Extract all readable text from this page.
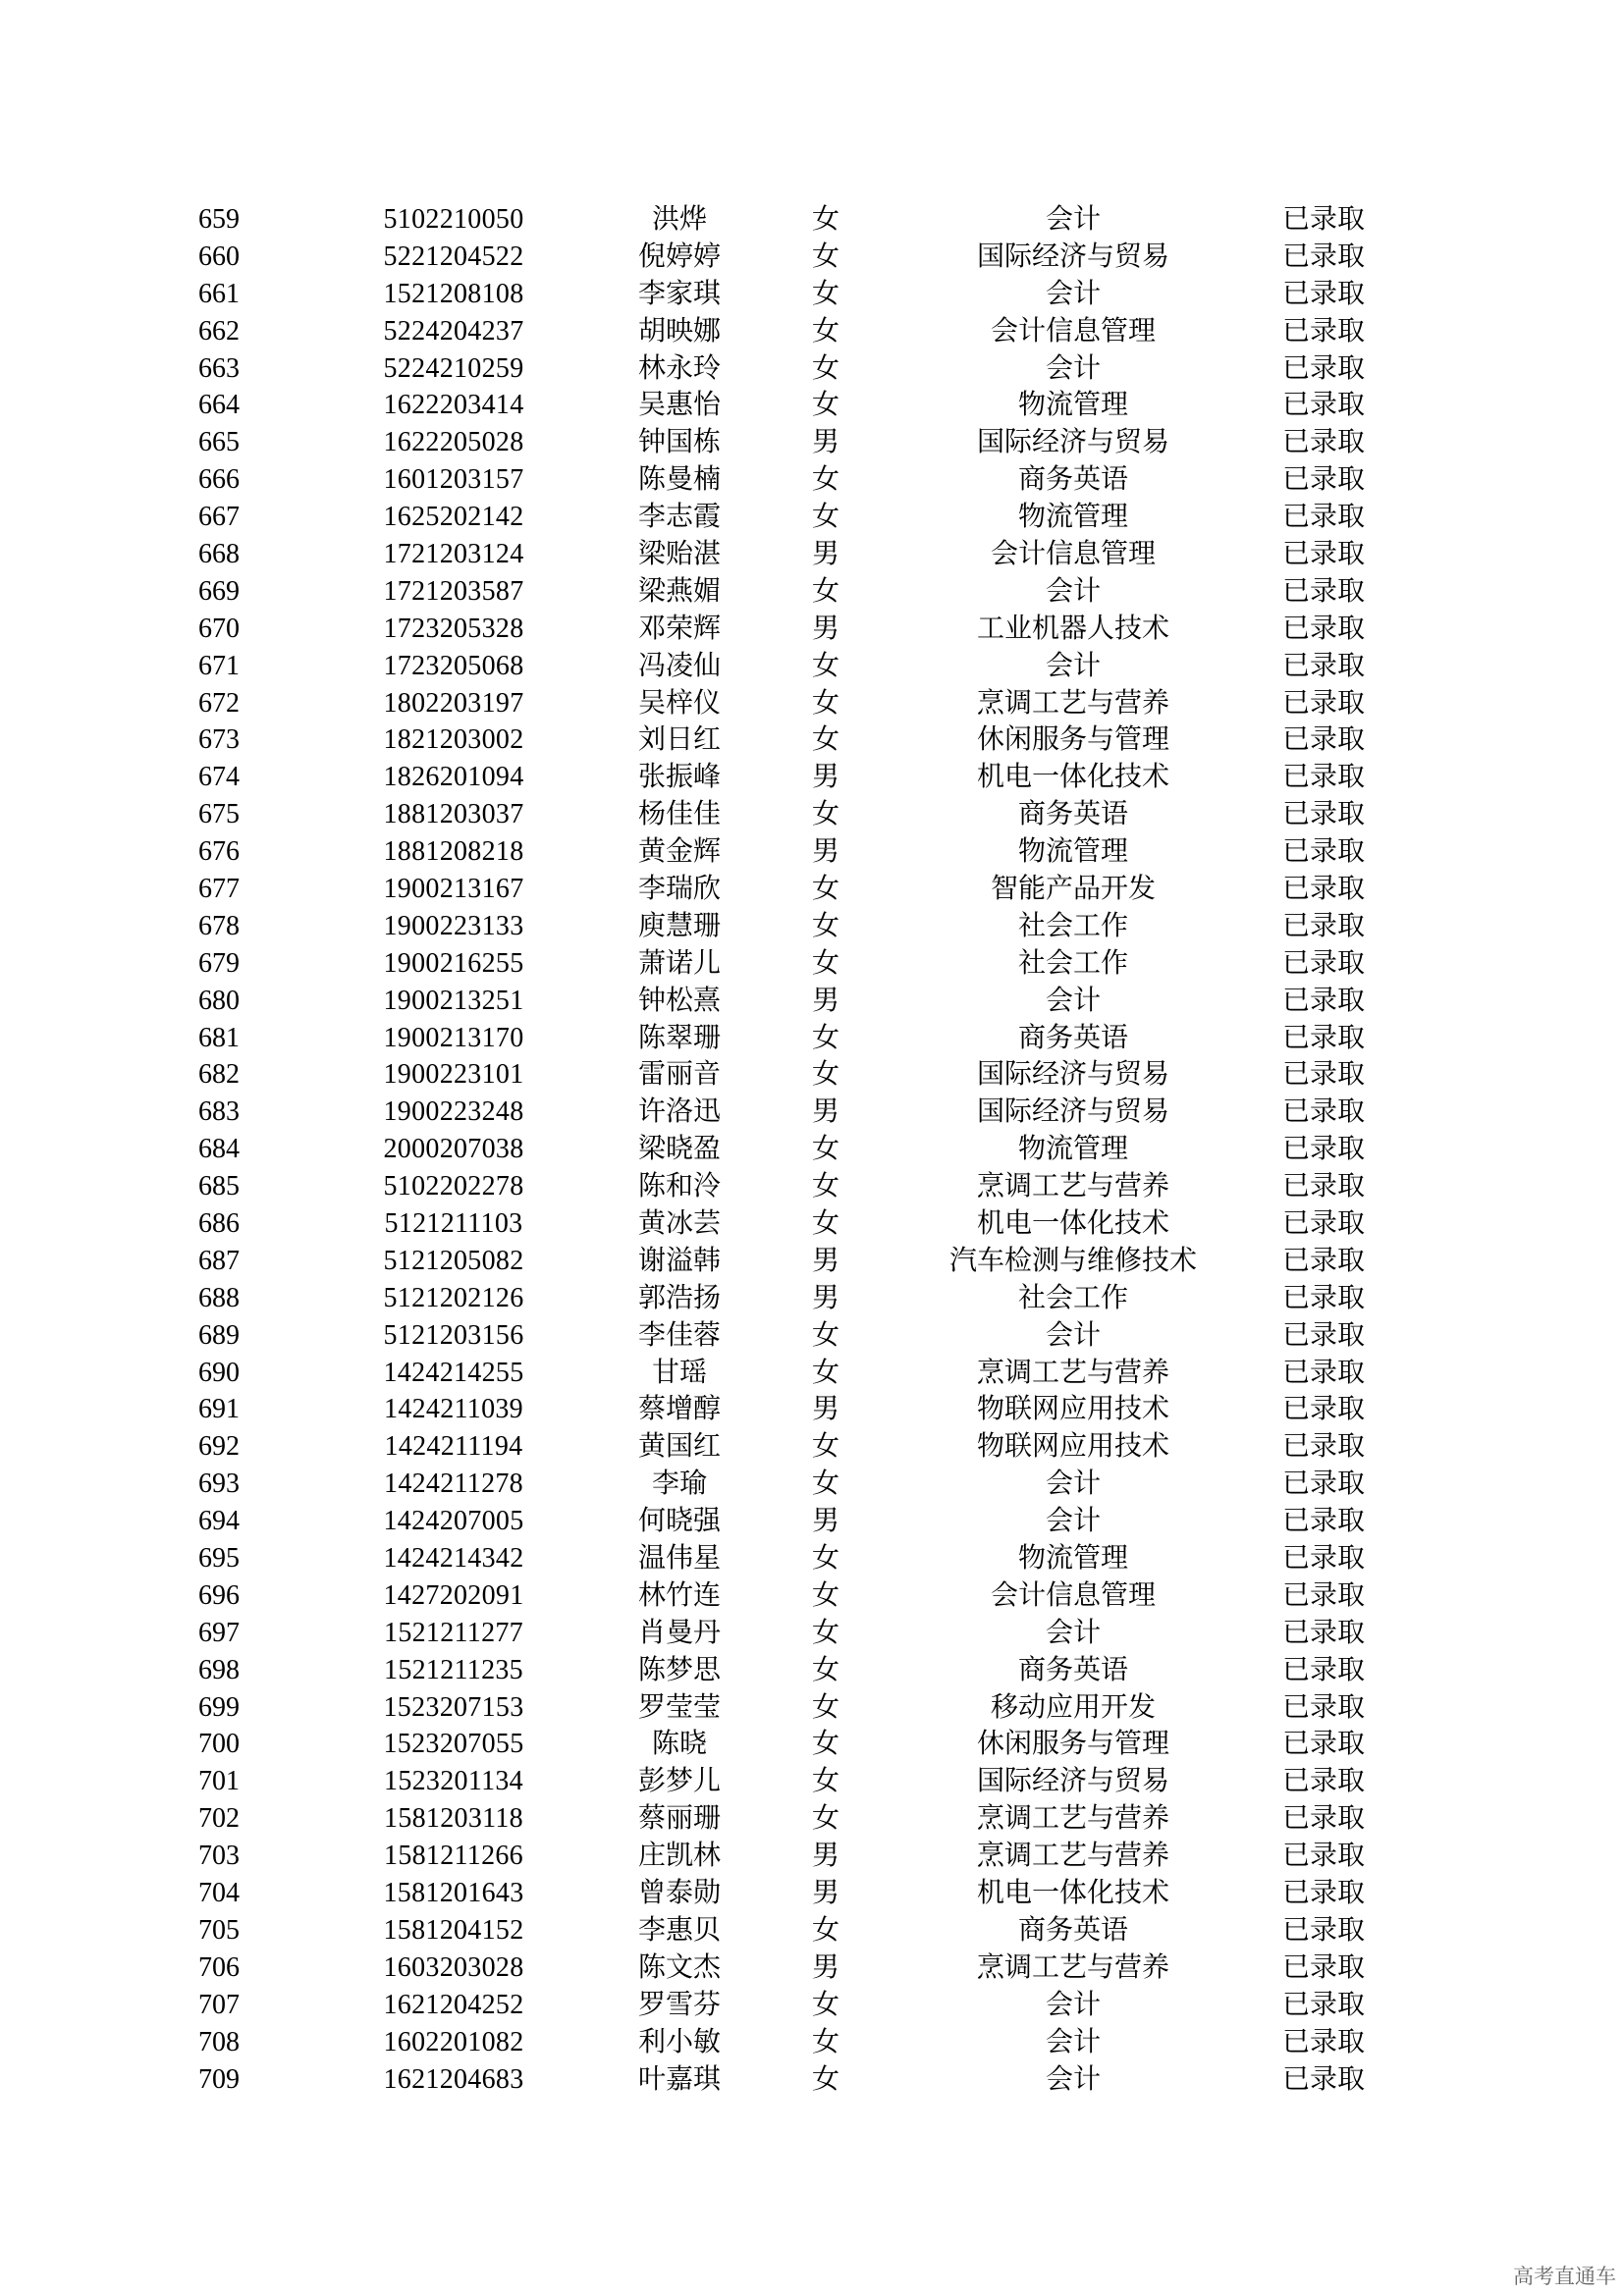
659	5102210050	洪烨	女	会计	已录取
660	5221204522	倪婷婷	女	国际经济与贸易	已录取
661	1521208108	李家琪	女	会计	已录取
662	5224204237	胡映娜	女	会计信息管理	已录取
663	5224210259	林永玲	女	会计	已录取
664	1622203414	吴惠怡	女	物流管理	已录取
665	1622205028	钟国栋	男	国际经济与贸易	已录取
666	1601203157	陈曼楠	女	商务英语	已录取
667	1625202142	李志霞	女	物流管理	已录取
668	1721203124	梁贻湛	男	会计信息管理	已录取
669	1721203587	梁燕媚	女	会计	已录取
670	1723205328	邓荣辉	男	工业机器人技术	已录取
671	1723205068	冯凌仙	女	会计	已录取
672	1802203197	吴梓仪	女	烹调工艺与营养	已录取
673	1821203002	刘日红	女	休闲服务与管理	已录取
674	1826201094	张振峰	男	机电一体化技术	已录取
675	1881203037	杨佳佳	女	商务英语	已录取
676	1881208218	黄金辉	男	物流管理	已录取
677	1900213167	李瑞欣	女	智能产品开发	已录取
678	1900223133	庾慧珊	女	社会工作	已录取
679	1900216255	萧诺儿	女	社会工作	已录取
680	1900213251	钟松熹	男	会计	已录取
681	1900213170	陈翠珊	女	商务英语	已录取
682	1900223101	雷丽音	女	国际经济与贸易	已录取
683	1900223248	许洛迅	男	国际经济与贸易	已录取
684	2000207038	梁晓盈	女	物流管理	已录取
685	5102202278	陈和泠	女	烹调工艺与营养	已录取
686	5121211103	黄冰芸	女	机电一体化技术	已录取
687	5121205082	谢溢韩	男	汽车检测与维修技术	已录取
688	5121202126	郭浩扬	男	社会工作	已录取
689	5121203156	李佳蓉	女	会计	已录取
690	1424214255	甘瑶	女	烹调工艺与营养	已录取
691	1424211039	蔡增醇	男	物联网应用技术	已录取
692	1424211194	黄国红	女	物联网应用技术	已录取
693	1424211278	李瑜	女	会计	已录取
694	1424207005	何晓强	男	会计	已录取
695	1424214342	温伟星	女	物流管理	已录取
696	1427202091	林竹连	女	会计信息管理	已录取
697	1521211277	肖曼丹	女	会计	已录取
698	1521211235	陈梦思	女	商务英语	已录取
699	1523207153	罗莹莹	女	移动应用开发	已录取
700	1523207055	陈晓	女	休闲服务与管理	已录取
701	1523201134	彭梦儿	女	国际经济与贸易	已录取
702	1581203118	蔡丽珊	女	烹调工艺与营养	已录取
703	1581211266	庄凯林	男	烹调工艺与营养	已录取
704	1581201643	曾泰勋	男	机电一体化技术	已录取
705	1581204152	李惠贝	女	商务英语	已录取
706	1603203028	陈文杰	男	烹调工艺与营养	已录取
707	1621204252	罗雪芬	女	会计	已录取
708	1602201082	利小敏	女	会计	已录取
709	1621204683	叶嘉琪	女	会计	已录取
高考直通车
